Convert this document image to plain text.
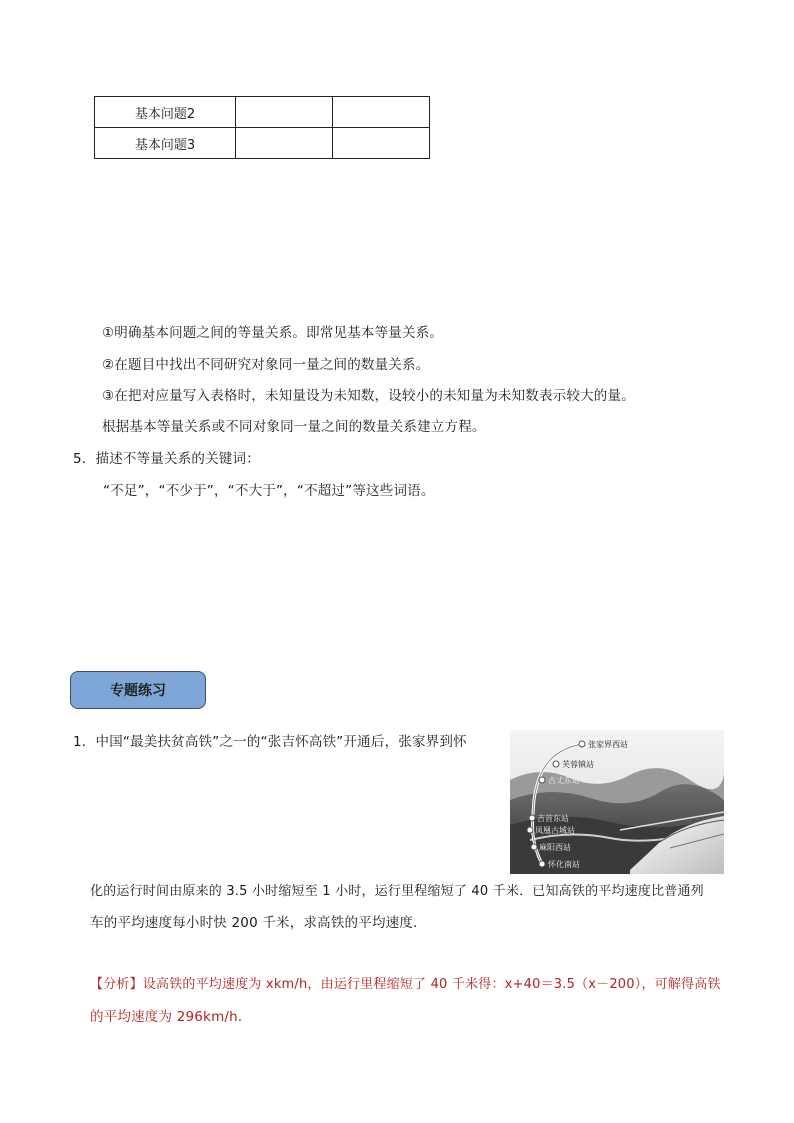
基本问题2		
基本问题3		
①明确基本问题之间的等量关系。即常见基本等量关系。
②在题目中找出不同研究对象同一量之间的数量关系。
③在把对应量写入表格时，未知量设为未知数，设较小的未知量为未知数表示较大的量。
根据基本等量关系或不同对象同一量之间的数量关系建立方程。
5．描述不等量关系的关键词：
“不足”，“不少于”，“不大于”，“不超过”等这些词语。
专题练习
1．中国“最美扶贫高铁”之一的“张吉怀高铁”开通后，张家界到怀
化的运行时间由原来的 3.5 小时缩短至 1 小时，运行里程缩短了 40 千米．已知高铁的平均速度比普通列
车的平均速度每小时快 200 千米，求高铁的平均速度．
【分析】设高铁的平均速度为 xkm/h，由运行里程缩短了 40 千米得：x+40＝3.5（x－200），可解得高铁
的平均速度为 296km/h．
张家界西站
芙蓉镇站
古丈东站
吉首东站
凤凰古城站
麻阳西站
怀化南站
